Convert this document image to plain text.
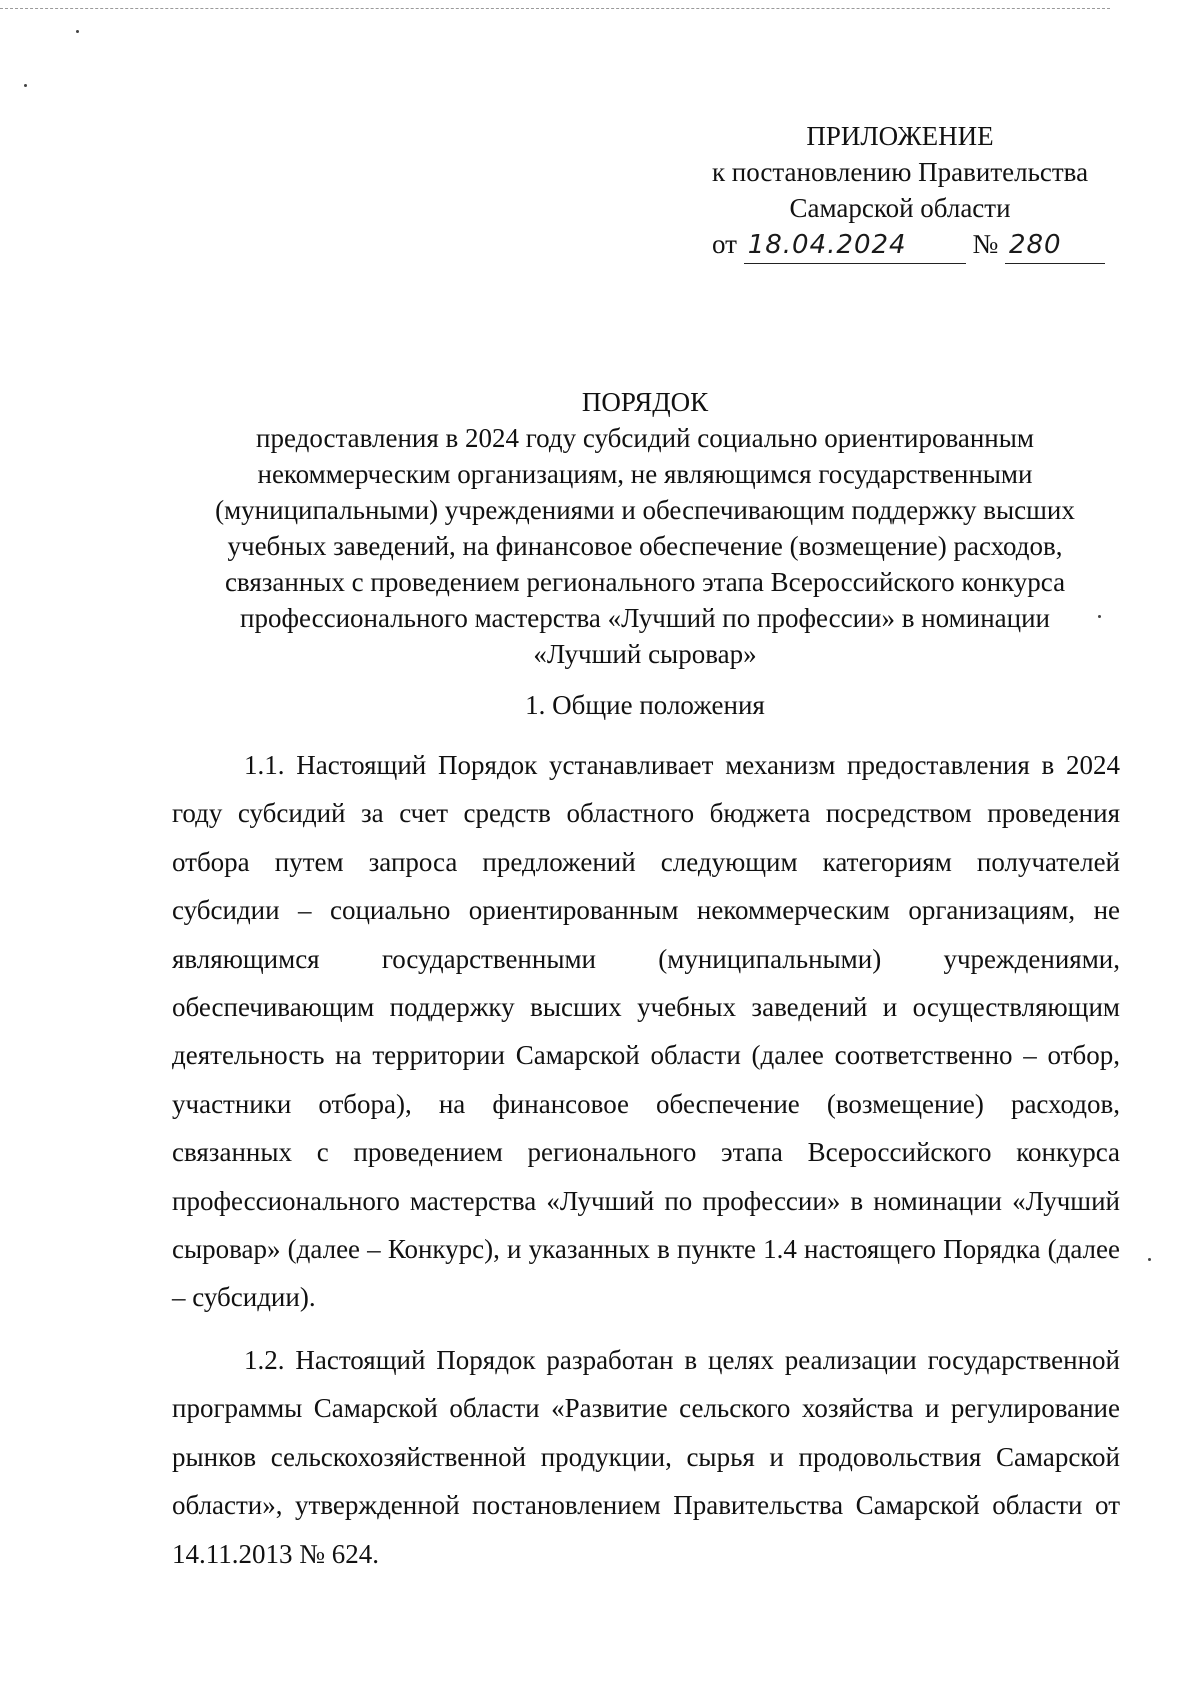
ПРИЛОЖЕНИЕ
к постановлению Правительства
Самарской области
от 18.04.2024 № 280
ПОРЯДОК
предоставления в 2024 году субсидий социально ориентированным
некоммерческим организациям, не являющимся государственными
(муниципальными) учреждениями и обеспечивающим поддержку высших
учебных заведений, на финансовое обеспечение (возмещение) расходов,
связанных с проведением регионального этапа Всероссийского конкурса
профессионального мастерства «Лучший по профессии» в номинации
«Лучший сыровар»
1. Общие положения

1.1. Настоящий Порядок устанавливает механизм предоставления в 2024 году субсидий за счет средств областного бюджета посредством проведения отбора путем запроса предложений следующим категориям получателей субсидии – социально ориентированным некоммерческим организациям, не являющимся государственными (муниципальными) учреждениями, обеспечивающим поддержку высших учебных заведений и осуществляющим деятельность на территории Самарской области (далее соответственно – отбор, участники отбора), на финансовое обеспечение (возмещение) расходов, связанных с проведением регионального этапа Всероссийского конкурса профессионального мастерства «Лучший по профессии» в номинации «Лучший сыровар» (далее – Конкурс), и указанных в пункте 1.4 настоящего Порядка (далее – субсидии).

1.2. Настоящий Порядок разработан в целях реализации государственной программы Самарской области «Развитие сельского хозяйства и регулирование рынков сельскохозяйственной продукции, сырья и продовольствия Самарской области», утвержденной постановлением Правительства Самарской области от 14.11.2013 № 624.
